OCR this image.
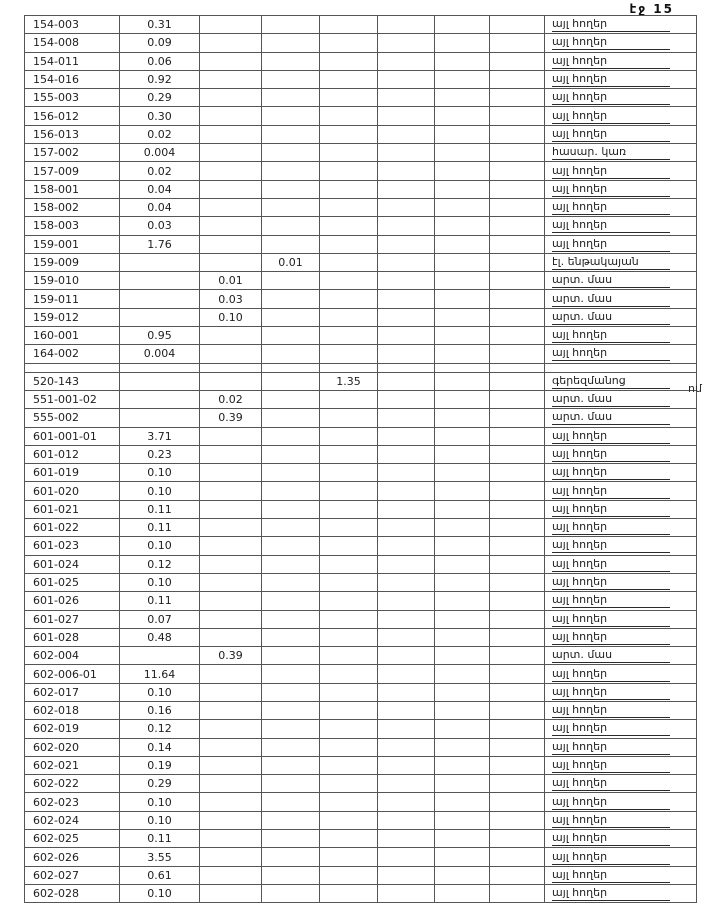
էջ 15
154-003	0.31							այլ հողեր
154-008	0.09							այլ հողեր
154-011	0.06							այլ հողեր
154-016	0.92							այլ հողեր
155-003	0.29							այլ հողեր
156-012	0.30							այլ հողեր
156-013	0.02							այլ հողեր
157-002	0.004							հասար. կառ
157-009	0.02							այլ հողեր
158-001	0.04							այլ հողեր
158-002	0.04							այլ հողեր
158-003	0.03							այլ հողեր
159-001	1.76							այլ հողեր
159-009			0.01					էլ. ենթակայան
159-010		0.01						արտ. մաս
159-011		0.03						արտ. մաս
159-012		0.10						արտ. մաս
160-001	0.95							այլ հողեր
164-002	0.004							այլ հողեր

520-143				1.35				գերեզմանոց
551-001-02		0.02						արտ. մաս
555-002		0.39						արտ. մաս
601-001-01	3.71							այլ հողեր
601-012	0.23							այլ հողեր
601-019	0.10							այլ հողեր
601-020	0.10							այլ հողեր
601-021	0.11							այլ հողեր
601-022	0.11							այլ հողեր
601-023	0.10							այլ հողեր
601-024	0.12							այլ հողեր
601-025	0.10							այլ հողեր
601-026	0.11							այլ հողեր
601-027	0.07							այլ հողեր
601-028	0.48							այլ հողեր
602-004		0.39						արտ. մաս
602-006-01	11.64							այլ հողեր
602-017	0.10							այլ հողեր
602-018	0.16							այլ հողեր
602-019	0.12							այլ հողեր
602-020	0.14							այլ հողեր
602-021	0.19							այլ հողեր
602-022	0.29							այլ հողեր
602-023	0.10							այլ հողեր
602-024	0.10							այլ հողեր
602-025	0.11							այլ հողեր
602-026	3.55							այլ հողեր
602-027	0.61							այլ հողեր
602-028	0.10							այլ հողեր
ոմ
